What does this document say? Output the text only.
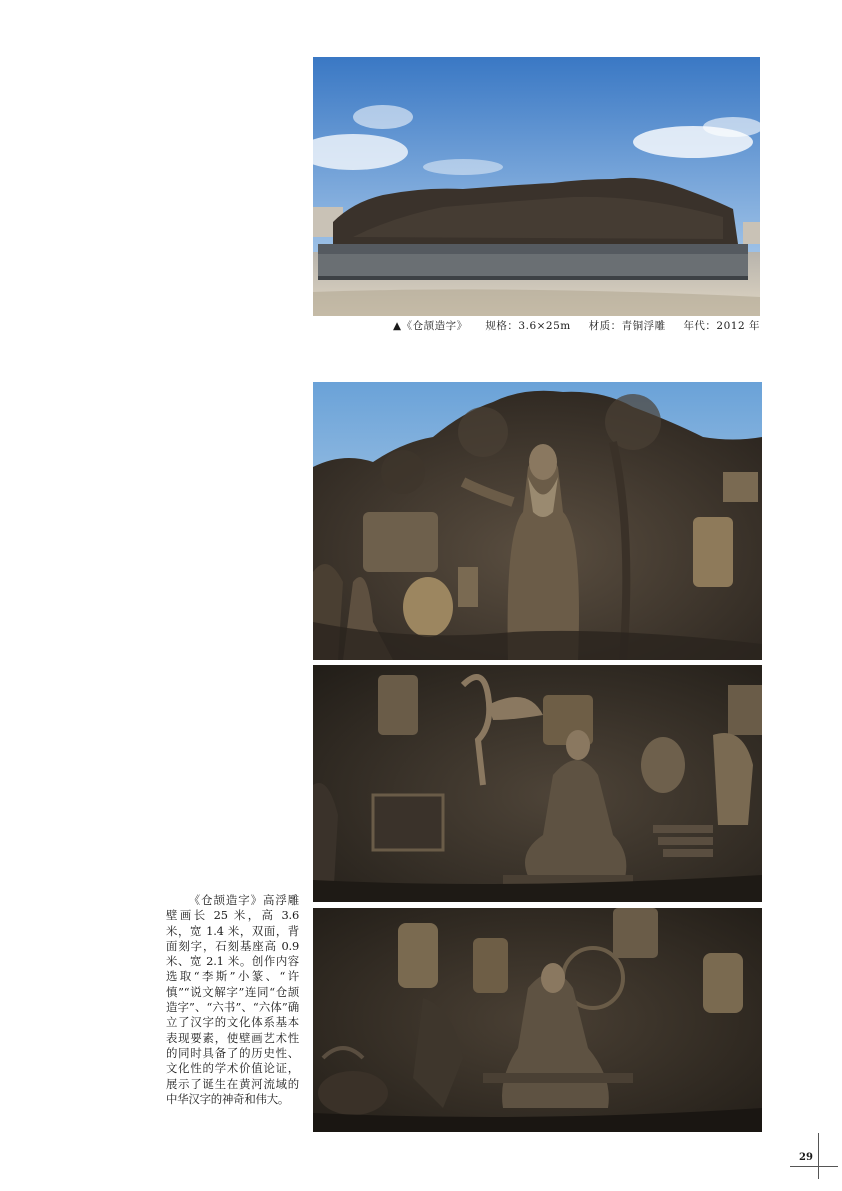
▲《仓颉造字》 规格：3.6×25m 材质：青铜浮雕 年代：2012 年

《仓颉造字》高浮雕壁画长 25 米，高 3.6 米，宽 1.4 米，双面，背面刻字，石刻基座高 0.9 米、宽 2.1 米。创作内容选取“李斯”小篆、“许慎”“说文解字”连同“仓颉造字”、“六书”、“六体”确立了汉字的文化体系基本表现要素，使壁画艺术性的同时具备了的历史性、文化性的学术价值论证，展示了诞生在黄河流域的中华汉字的神奇和伟大。

29
